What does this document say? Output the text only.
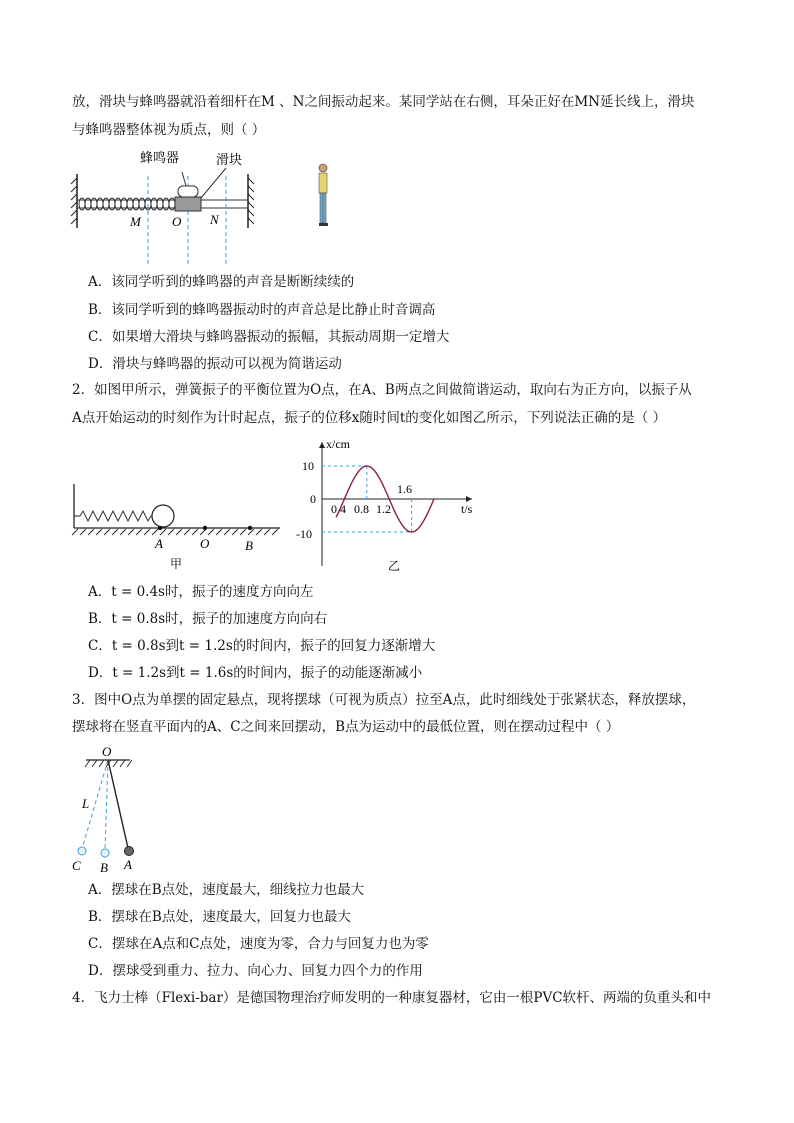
放，滑块与蜂鸣器就沿着细杆在M 、N之间振动起来。某同学站在右侧，耳朵正好在MN延长线上，滑块
与蜂鸣器整体视为质点，则（ ）
蜂鸣器	滑块
M O N
A．该同学听到的蜂鸣器的声音是断断续续的
B．该同学听到的蜂鸣器振动时的声音总是比静止时音调高
C．如果增大滑块与蜂鸣器振动的振幅，其振动周期一定增大
D．滑块与蜂鸣器的振动可以视为简谐运动
2．如图甲所示，弹簧振子的平衡位置为O点，在A、B两点之间做简谐运动，取向右为正方向，以振子从
A点开始运动的时刻作为计时起点，振子的位移x随时间t的变化如图乙所示，下列说法正确的是（ ）
A	O	B
甲
x/cm
t/s
10
0
-10
0.4 0.8 1.2
1.6
乙
A．t = 0.4s时，振子的速度方向向左
B．t = 0.8s时，振子的加速度方向向右
C．t = 0.8s到t = 1.2s的时间内，振子的回复力逐渐增大
D．t = 1.2s到t = 1.6s的时间内，振子的动能逐渐减小
3．图中O点为单摆的固定悬点，现将摆球（可视为质点）拉至A点，此时细线处于张紧状态，释放摆球，
摆球将在竖直平面内的A、C之间来回摆动，B点为运动中的最低位置，则在摆动过程中（ ）
O
L
C B A
A．摆球在B点处，速度最大，细线拉力也最大
B．摆球在B点处，速度最大，回复力也最大
C．摆球在A点和C点处，速度为零，合力与回复力也为零
D．摆球受到重力、拉力、向心力、回复力四个力的作用
4．飞力士棒（Flexi-bar）是德国物理治疗师发明的一种康复器材，它由一根PVC软杆、两端的负重头和中
